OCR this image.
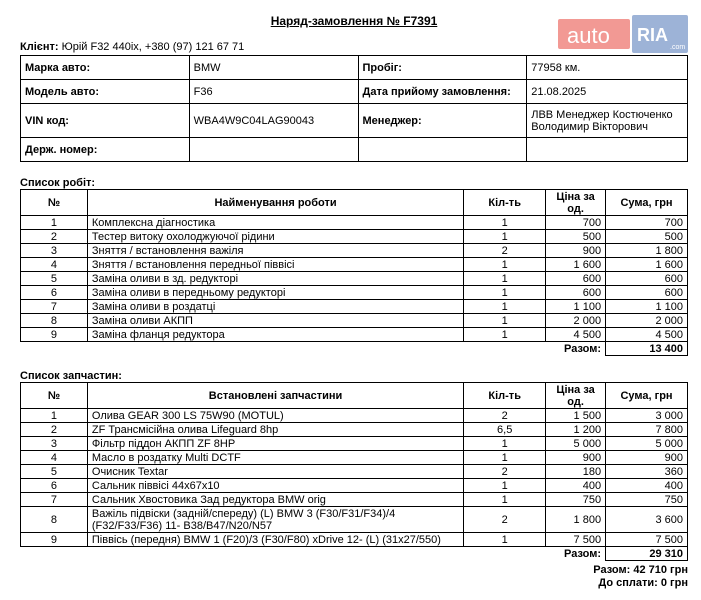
Наряд-замовлення № F7391
auto RIA
.com
Клієнт: Юрій F32 440іх, +380 (97) 121 67 71
Марка авто:	BMW	Пробіг:	77958 км.
Модель авто:	F36	Дата прийому замовлення:	21.08.2025
VIN код:	WBA4W9C04LAG90043	Менеджер:	ЛВВ Менеджер Костюченко Володимир Вікторович
Держ. номер:			
Список робіт:
№	Найменування роботи	Кіл-ть	Ціна за од.	Сума, грн
1	Комплексна діагностика	1	700	700
2	Тестер витоку охолоджуючої рідини	1	500	500
3	Зняття / встановлення важіля	2	900	1 800
4	Зняття / встановлення передньої піввісі	1	1 600	1 600
5	Заміна оливи в зд. редукторі	1	600	600
6	Заміна оливи в передньому редукторі	1	600	600
7	Заміна оливи в роздатці	1	1 100	1 100
8	Заміна оливи АКПП	1	2 000	2 000
9	Заміна фланця редуктора	1	4 500	4 500
		Разом:		13 400
Список запчастин:
№	Встановлені запчастини	Кіл-ть	Ціна за од.	Сума, грн
1	Олива GEAR 300 LS 75W90 (MOTUL)	2	1 500	3 000
2	ZF Трансмісійна олива Lifeguard 8hp	6,5	1 200	7 800
3	Фільтр піддон АКПП ZF 8HP	1	5 000	5 000
4	Масло в роздатку Multi DCTF	1	900	900
5	Очисник Textar	2	180	360
6	Сальник піввісі 44x67x10	1	400	400
7	Сальник Хвостовика Зад редуктора BMW orig	1	750	750
8	Важіль підвіски (задній/спереду) (L) BMW 3 (F30/F31/F34)/4 (F32/F33/F36) 11- B38/B47/N20/N57	2	1 800	3 600
9	Піввісь (передня) BMW 1 (F20)/3 (F30/F80) xDrive 12- (L) (31x27/550)	1	7 500	7 500
		Разом:		29 310
Разом: 42 710 грн
До сплати: 0 грн
